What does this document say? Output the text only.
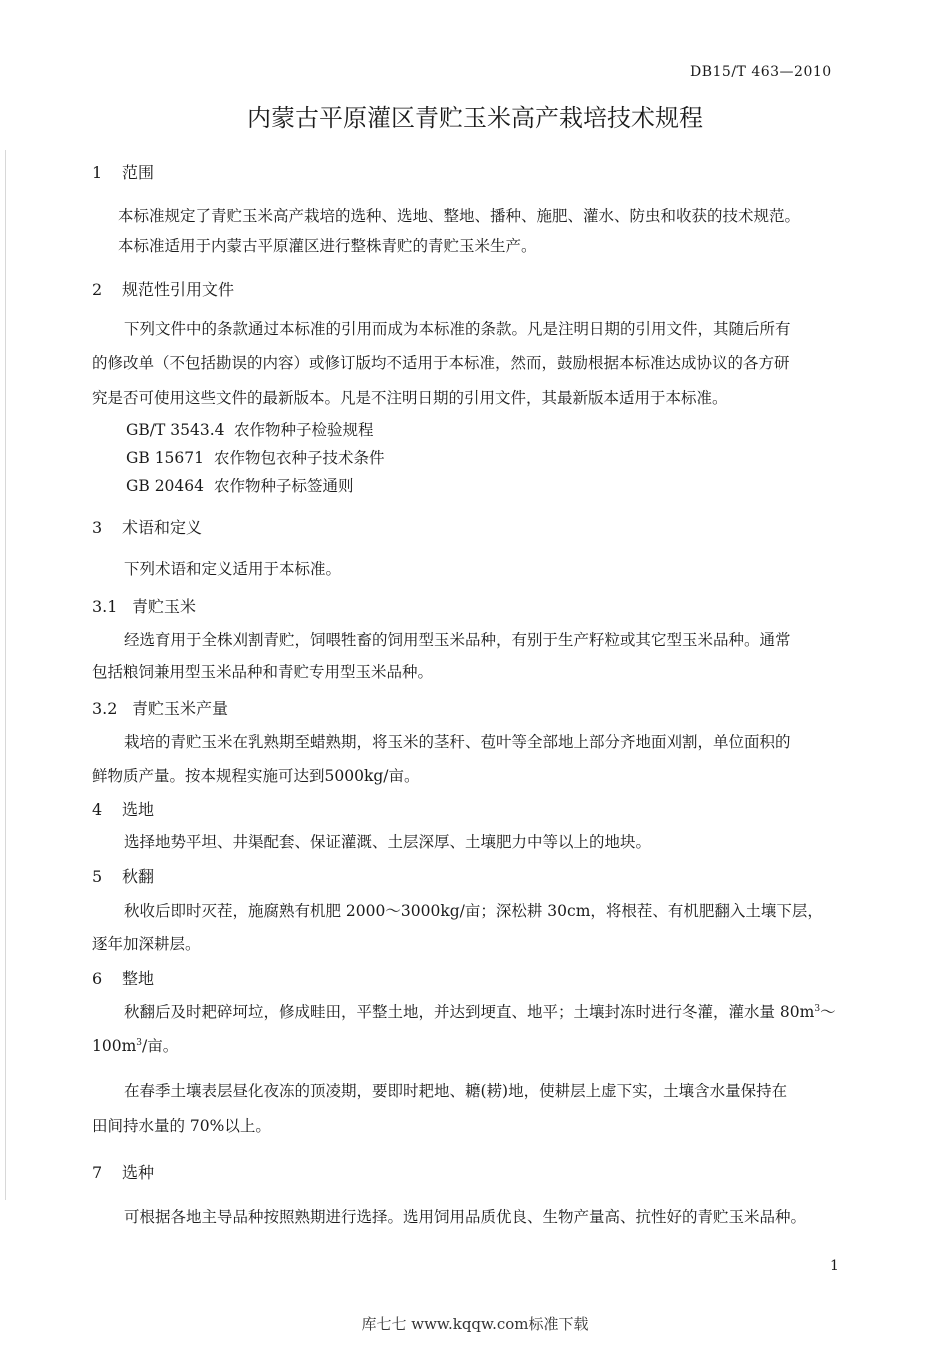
DB15/T 463—2010
内蒙古平原灌区青贮玉米高产栽培技术规程
1 范围
本标准规定了青贮玉米高产栽培的选种、选地、整地、播种、施肥、灌水、防虫和收获的技术规范。
本标准适用于内蒙古平原灌区进行整株青贮的青贮玉米生产。
2 规范性引用文件
下列文件中的条款通过本标准的引用而成为本标准的条款。凡是注明日期的引用文件，其随后所有
的修改单（不包括勘误的内容）或修订版均不适用于本标准，然而，鼓励根据本标准达成协议的各方研
究是否可使用这些文件的最新版本。凡是不注明日期的引用文件，其最新版本适用于本标准。
GB/T 3543.4 农作物种子检验规程
GB 15671 农作物包衣种子技术条件
GB 20464 农作物种子标签通则
3 术语和定义
下列术语和定义适用于本标准。
3.1 青贮玉米
经选育用于全株刈割青贮，饲喂牲畜的饲用型玉米品种，有别于生产籽粒或其它型玉米品种。通常
包括粮饲兼用型玉米品种和青贮专用型玉米品种。
3.2 青贮玉米产量
栽培的青贮玉米在乳熟期至蜡熟期，将玉米的茎秆、苞叶等全部地上部分齐地面刈割，单位面积的
鲜物质产量。按本规程实施可达到5000kg/亩。
4 选地
选择地势平坦、井渠配套、保证灌溉、土层深厚、土壤肥力中等以上的地块。
5 秋翻
秋收后即时灭茬，施腐熟有机肥 2000～3000kg/亩；深松耕 30cm，将根茬、有机肥翻入土壤下层，
逐年加深耕层。
6 整地
秋翻后及时耙碎坷垃，修成畦田，平整土地，并达到埂直、地平；土壤封冻时进行冬灌，灌水量 $80m^3\sim$
$100m^3/$亩。
在春季土壤表层昼化夜冻的顶凌期，要即时耙地、耱(耢)地，使耕层上虚下实，土壤含水量保持在
田间持水量的 70%以上。
7 选种
可根据各地主导品种按照熟期进行选择。选用饲用品质优良、生物产量高、抗性好的青贮玉米品种。
1
库七七 www.kqqw.com标准下载
